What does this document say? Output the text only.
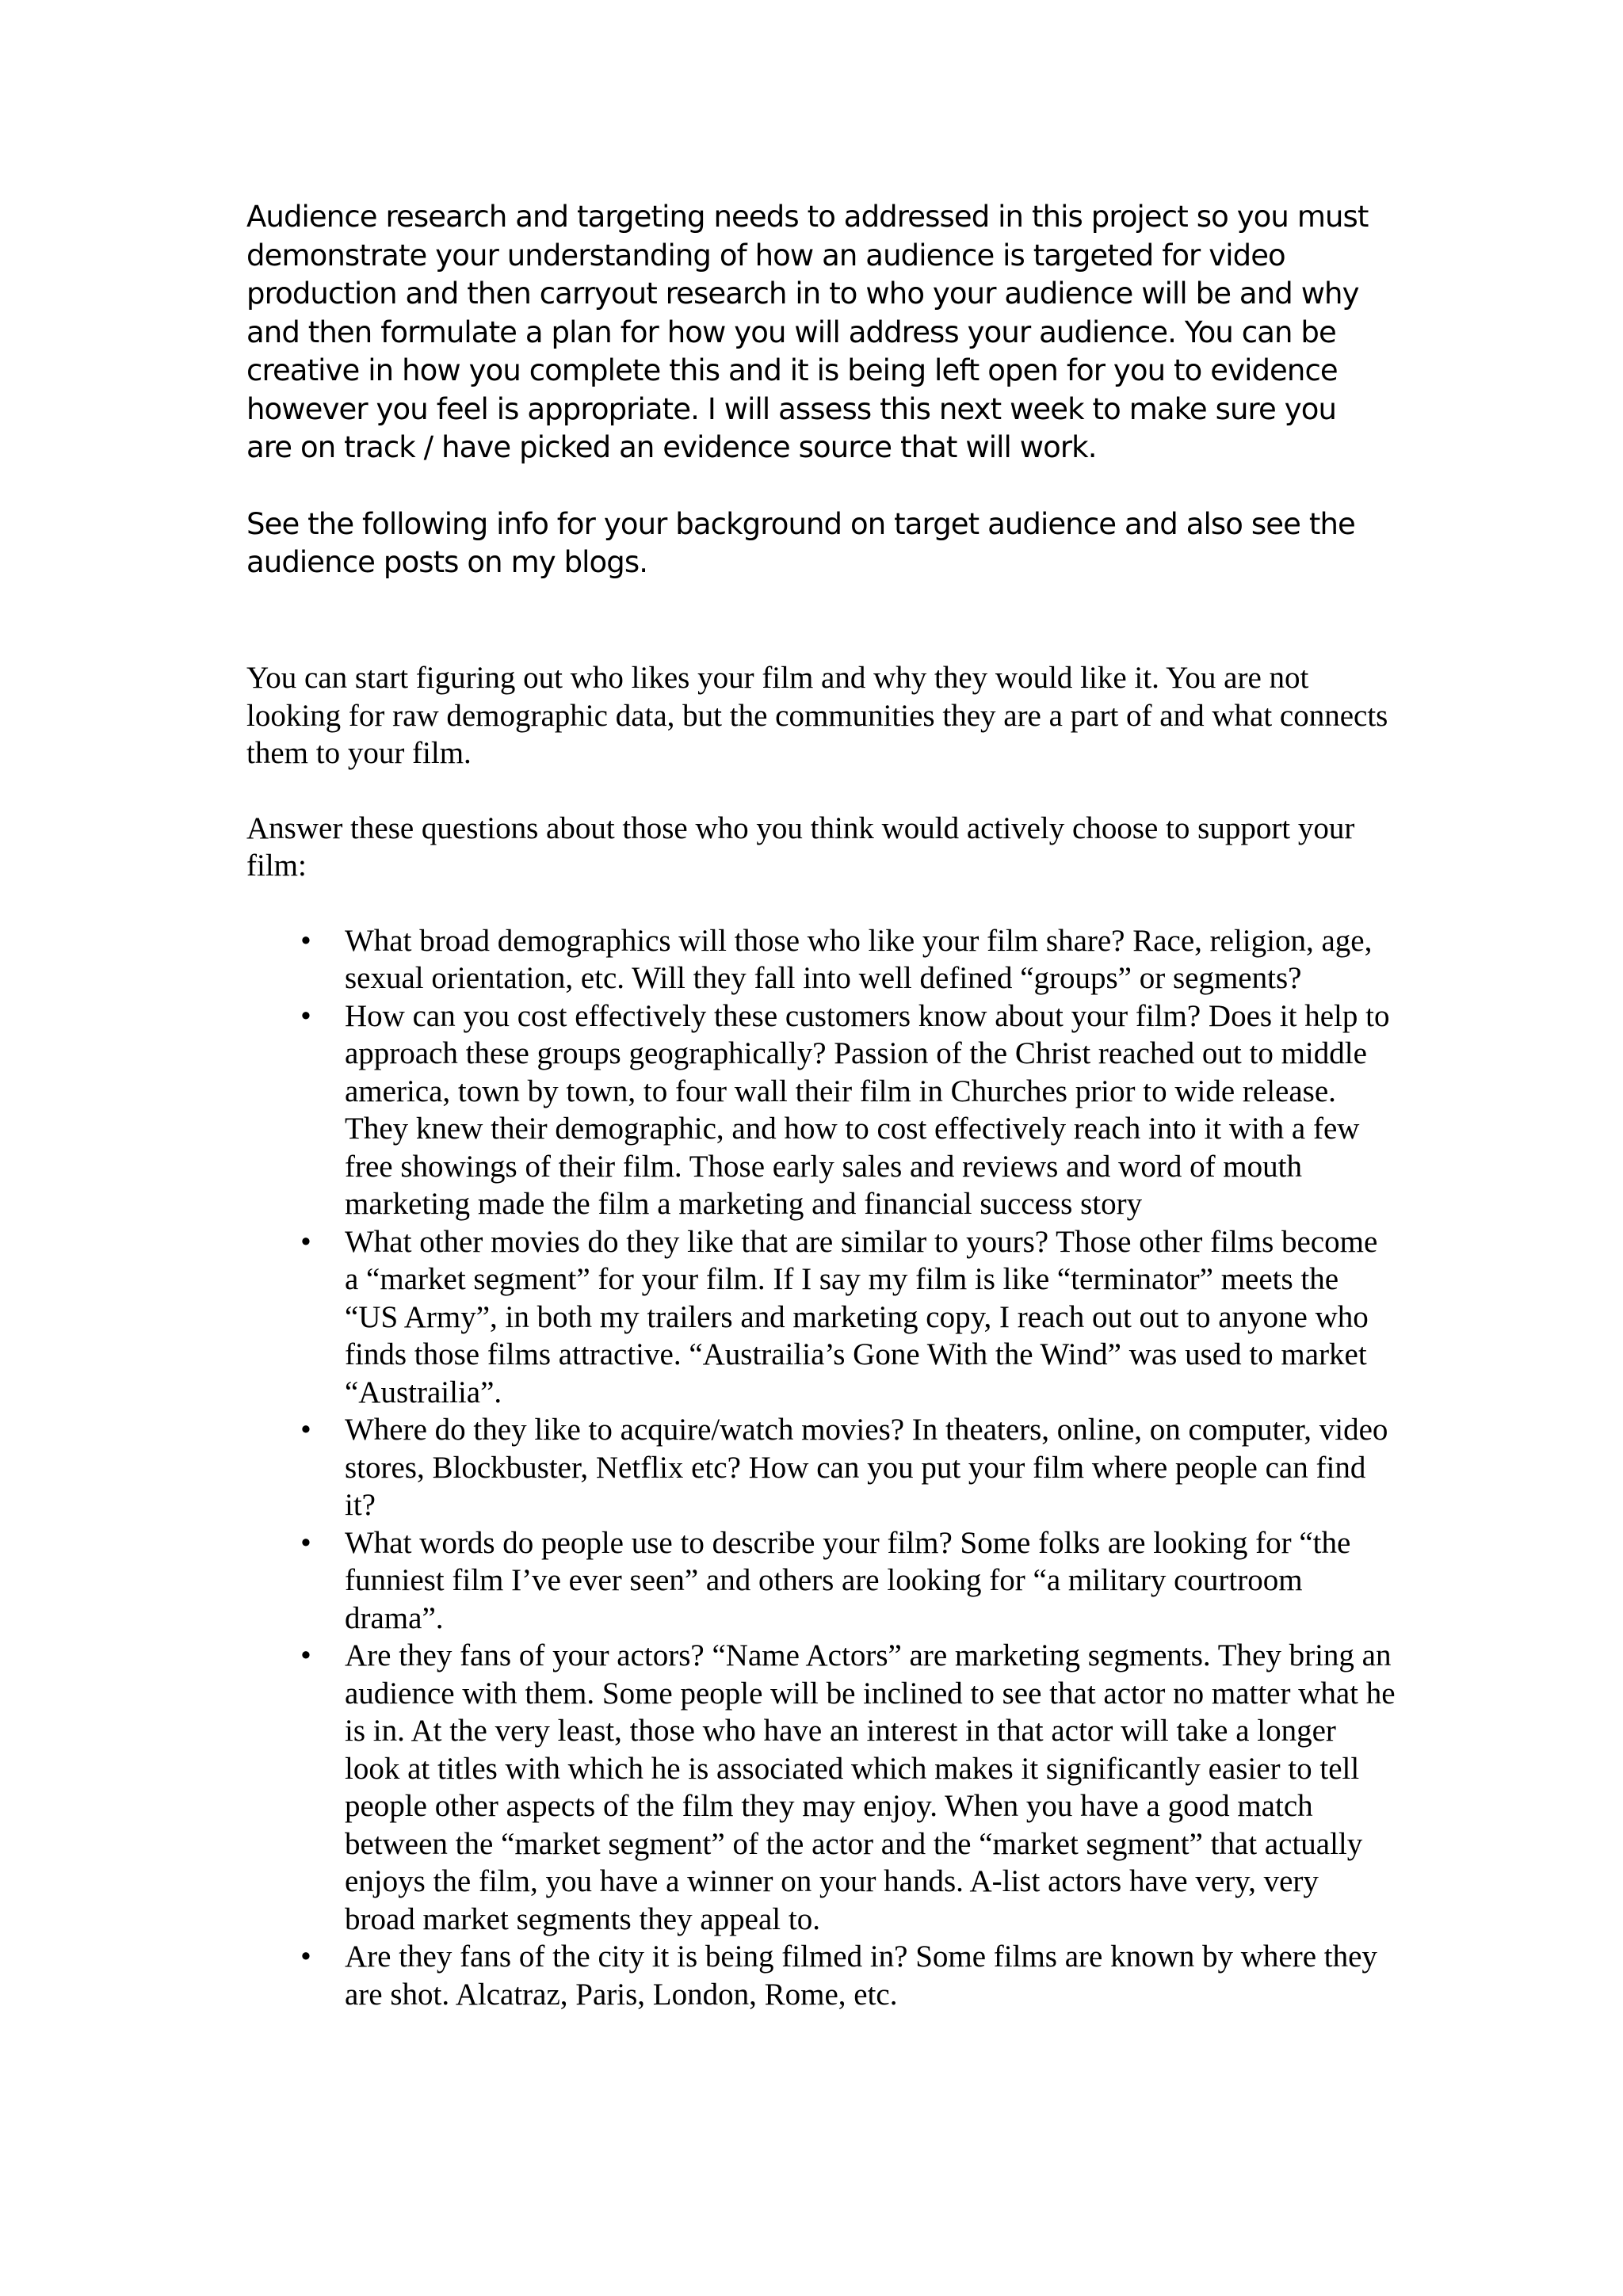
Audience research and targeting needs to addressed in this project so you must demonstrate your understanding of how an audience is targeted for video production and then carryout research in to who your audience will be and why and then formulate a plan for how you will address your audience. You can be creative in how you complete this and it is being left open for you to evidence however you feel is appropriate. I will assess this next week to make sure you are on track / have picked an evidence source that will work.

See the following info for your background on target audience and also see the audience posts on my blogs.

You can start figuring out who likes your film and why they would like it. You are not looking for raw demographic data, but the communities they are a part of and what connects them to your film.

Answer these questions about those who you think would actively choose to support your film:

• What broad demographics will those who like your film share? Race, religion, age, sexual orientation, etc. Will they fall into well defined “groups” or segments?
• How can you cost effectively these customers know about your film? Does it help to approach these groups geographically? Passion of the Christ reached out to middle america, town by town, to four wall their film in Churches prior to wide release. They knew their demographic, and how to cost effectively reach into it with a few free showings of their film. Those early sales and reviews and word of mouth marketing made the film a marketing and financial success story
• What other movies do they like that are similar to yours? Those other films become a “market segment” for your film. If I say my film is like “terminator” meets the “US Army”, in both my trailers and marketing copy, I reach out out to anyone who finds those films attractive. “Austrailia’s Gone With the Wind” was used to market “Austrailia”.
• Where do they like to acquire/watch movies? In theaters, online, on computer, video stores, Blockbuster, Netflix etc? How can you put your film where people can find it?
• What words do people use to describe your film? Some folks are looking for “the funniest film I’ve ever seen” and others are looking for “a military courtroom drama”.
• Are they fans of your actors? “Name Actors” are marketing segments. They bring an audience with them. Some people will be inclined to see that actor no matter what he is in. At the very least, those who have an interest in that actor will take a longer look at titles with which he is associated which makes it significantly easier to tell people other aspects of the film they may enjoy. When you have a good match between the “market segment” of the actor and the “market segment” that actually enjoys the film, you have a winner on your hands. A-list actors have very, very broad market segments they appeal to.
• Are they fans of the city it is being filmed in? Some films are known by where they are shot. Alcatraz, Paris, London, Rome, etc.
